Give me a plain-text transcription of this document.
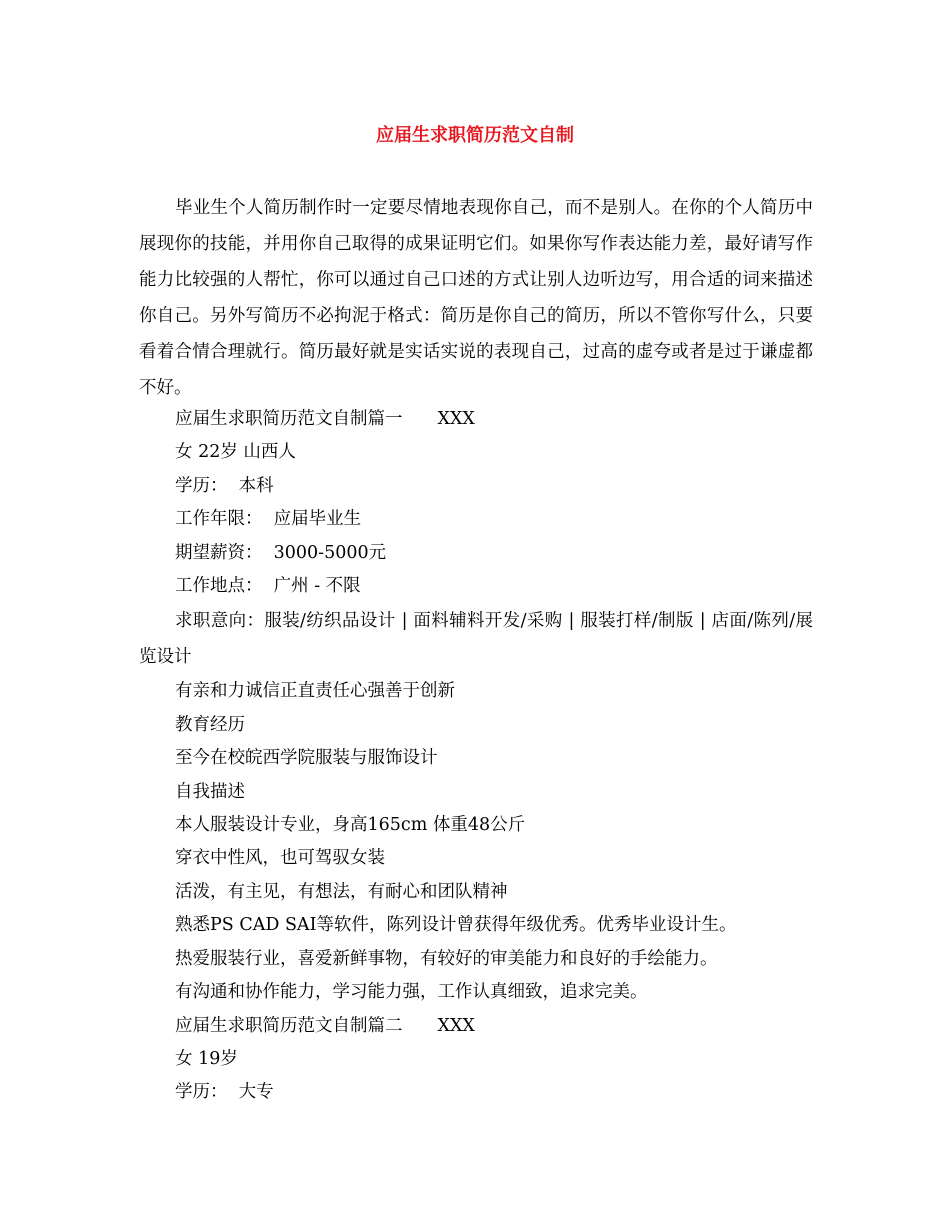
应届生求职简历范文自制

毕业生个人简历制作时一定要尽情地表现你自己，而不是别人。在你的个人简历中展现你的技能，并用你自己取得的成果证明它们。如果你写作表达能力差，最好请写作能力比较强的人帮忙，你可以通过自己口述的方式让别人边听边写，用合适的词来描述你自己。另外写简历不必拘泥于格式：简历是你自己的简历，所以不管你写什么，只要看着合情合理就行。简历最好就是实话实说的表现自己，过高的虚夸或者是过于谦虚都不好。

应届生求职简历范文自制篇一　　XXX
女 22岁 山西人
学历：  本科
工作年限：  应届毕业生
期望薪资：  3000-5000元
工作地点：  广州 - 不限
求职意向：服装/纺织品设计 | 面料辅料开发/采购 | 服装打样/制版 | 店面/陈列/展览设计
有亲和力诚信正直责任心强善于创新
教育经历
至今在校皖西学院服装与服饰设计
自我描述
本人服装设计专业，身高165cm 体重48公斤
穿衣中性风，也可驾驭女装
活泼，有主见，有想法，有耐心和团队精神
熟悉PS CAD SAI等软件，陈列设计曾获得年级优秀。优秀毕业设计生。
热爱服装行业，喜爱新鲜事物，有较好的审美能力和良好的手绘能力。
有沟通和协作能力，学习能力强，工作认真细致，追求完美。
应届生求职简历范文自制篇二　　XXX
女 19岁
学历：  大专
